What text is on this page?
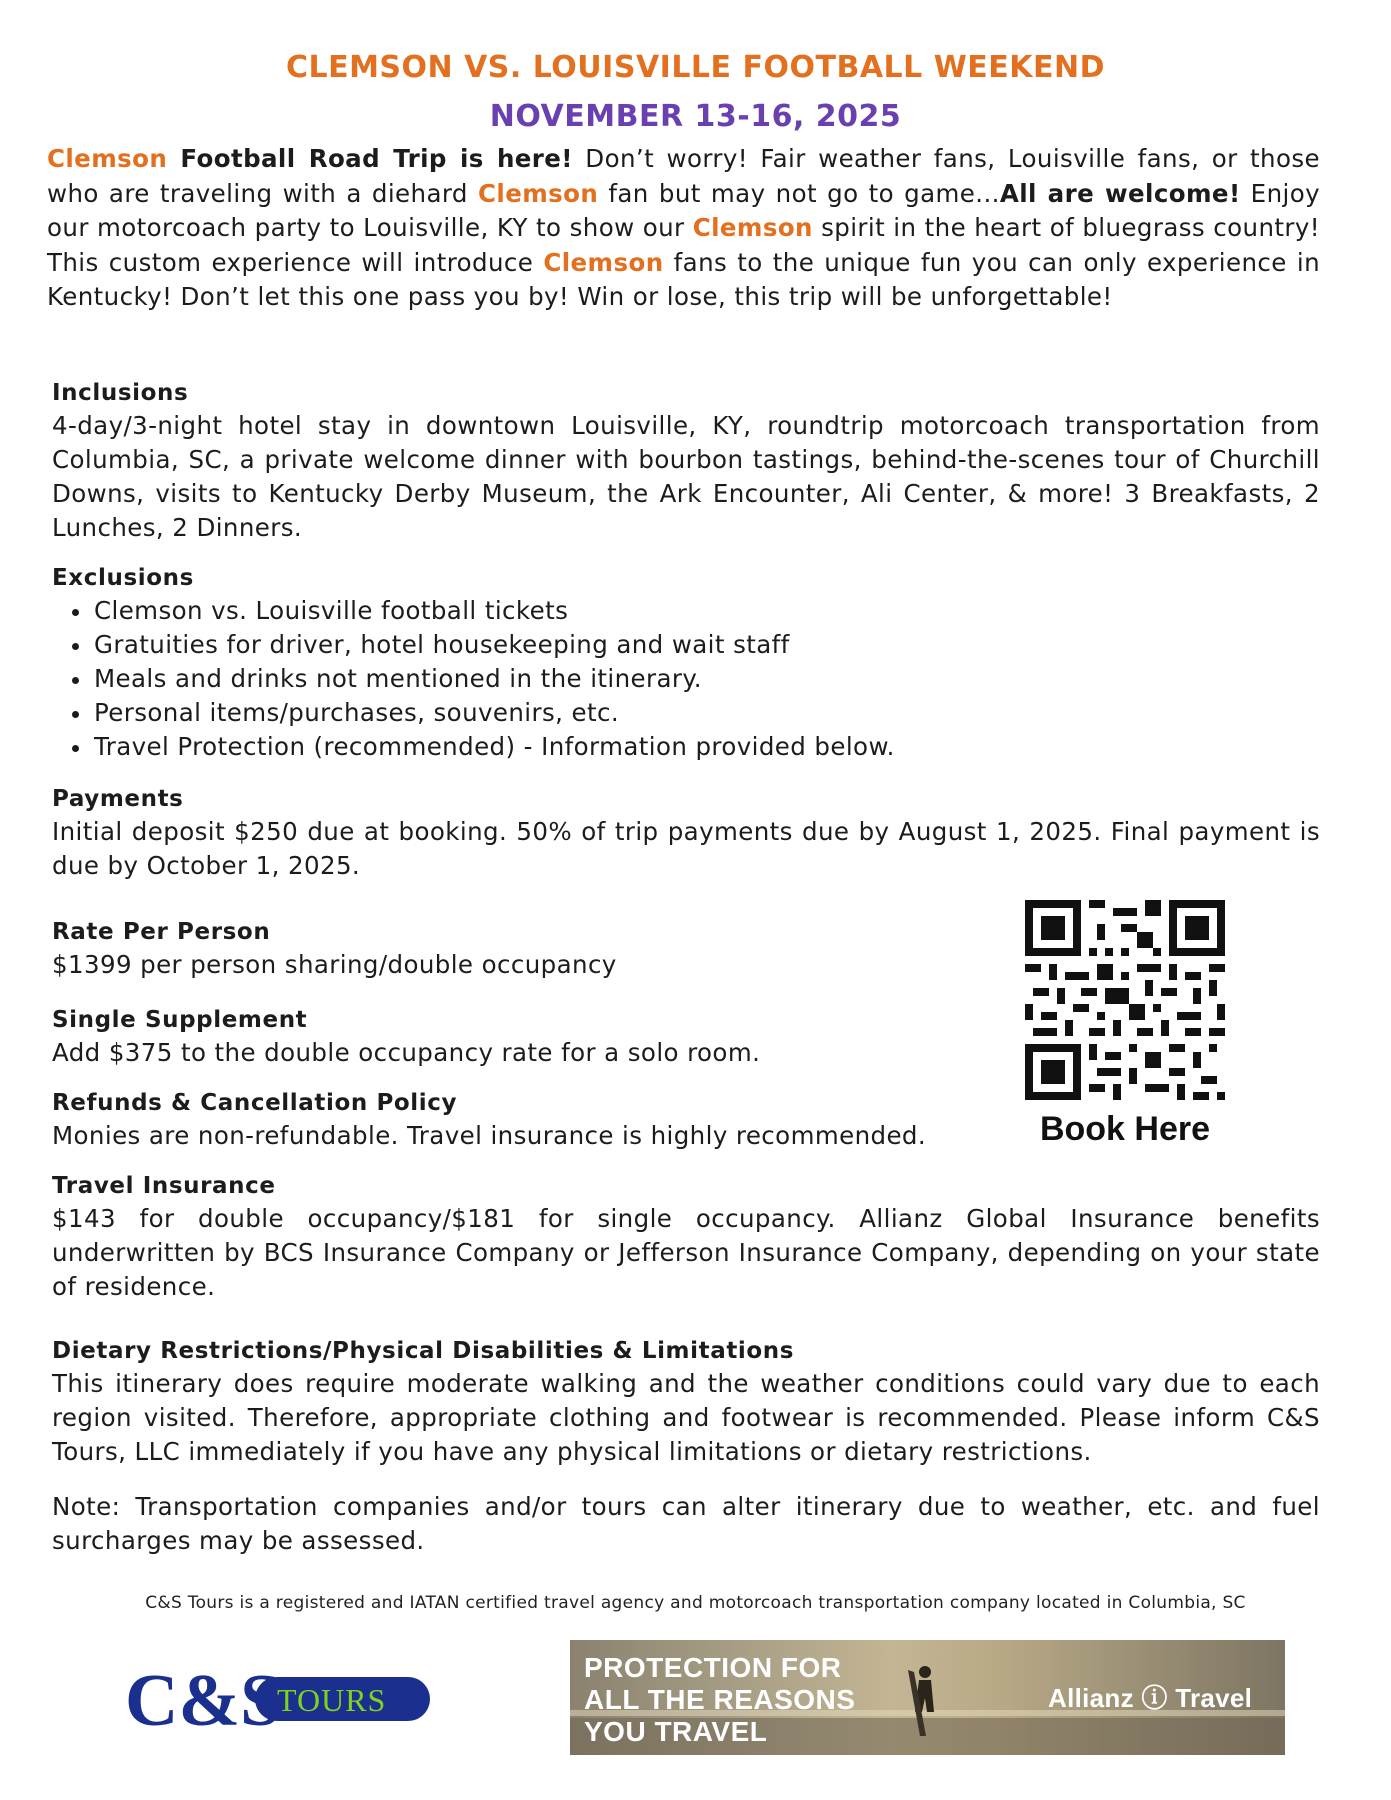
CLEMSON VS. LOUISVILLE FOOTBALL WEEKEND
NOVEMBER 13-16, 2025
Clemson Football Road Trip is here! Don’t worry! Fair weather fans, Louisville fans, or those who are traveling with a diehard Clemson fan but may not go to game...All are welcome! Enjoy our motorcoach party to Louisville, KY to show our Clemson spirit in the heart of bluegrass country! This custom experience will introduce Clemson fans to the unique fun you can only experience in Kentucky! Don’t let this one pass you by! Win or lose, this trip will be unforgettable!
Inclusions

4-day/3-night hotel stay in downtown Louisville, KY, roundtrip motorcoach transportation from Columbia, SC, a private welcome dinner with bourbon tastings, behind-the-scenes tour of Churchill Downs, visits to Kentucky Derby Museum, the Ark Encounter, Ali Center, & more! 3 Breakfasts, 2 Lunches, 2 Dinners.

Exclusions
Clemson vs. Louisville football tickets
Gratuities for driver, hotel housekeeping and wait staff
Meals and drinks not mentioned in the itinerary.
Personal items/purchases, souvenirs, etc.
Travel Protection (recommended) - Information provided below.
Payments

Initial deposit $250 due at booking. 50% of trip payments due by August 1, 2025. Final payment is due by October 1, 2025.

Rate Per Person

$1399 per person sharing/double occupancy

Single Supplement

Add $375 to the double occupancy rate for a solo room.

Refunds & Cancellation Policy

Monies are non-refundable. Travel insurance is highly recommended.	Book Here
Travel Insurance

$143 for double occupancy/$181 for single occupancy. Allianz Global Insurance benefits underwritten by BCS Insurance Company or Jefferson Insurance Company, depending on your state of residence.

Dietary Restrictions/Physical Disabilities & Limitations

This itinerary does require moderate walking and the weather conditions could vary due to each region visited. Therefore, appropriate clothing and footwear is recommended. Please inform C&S Tours, LLC immediately if you have any physical limitations or dietary restrictions.

Note: Transportation companies and/or tours can alter itinerary due to weather, etc. and fuel surcharges may be assessed.

C&S Tours is a registered and IATAN certified travel agency and motorcoach transportation company located in Columbia, SC
C&S
TOURS
PROTECTION FOR
ALL THE REASONS
YOU TRAVEL
Allianz ⓘ Travel
